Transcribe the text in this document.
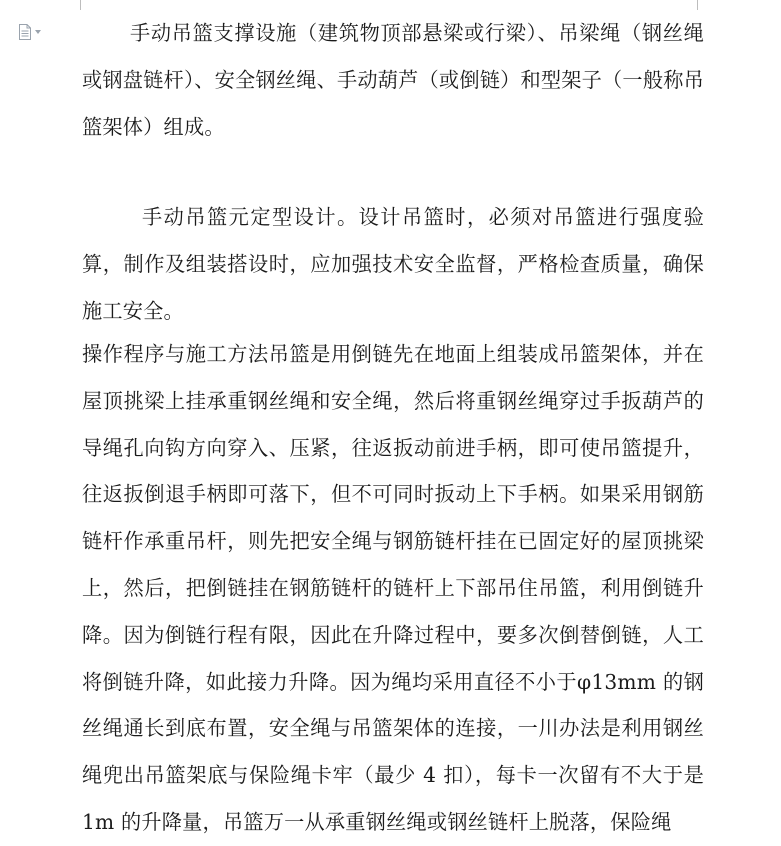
手动吊篮支撑设施（建筑物顶部悬梁或行梁）、吊梁绳（钢丝绳或钢盘链杆）、安全钢丝绳、手动葫芦（或倒链）和型架子（一般称吊篮架体）组成。
手动吊篮元定型设计。设计吊篮时，必须对吊篮进行强度验算，制作及组装搭设时，应加强技术安全监督，严格检查质量，确保施工安全。
操作程序与施工方法吊篮是用倒链先在地面上组装成吊篮架体，并在屋顶挑梁上挂承重钢丝绳和安全绳，然后将重钢丝绳穿过手扳葫芦的导绳孔向钩方向穿入、压紧，往返扳动前进手柄，即可使吊篮提升，往返扳倒退手柄即可落下，但不可同时扳动上下手柄。如果采用钢筋链杆作承重吊杆，则先把安全绳与钢筋链杆挂在已固定好的屋顶挑梁上，然后，把倒链挂在钢筋链杆的链杆上下部吊住吊篮，利用倒链升降。因为倒链行程有限，因此在升降过程中，要多次倒替倒链，人工将倒链升降，如此接力升降。因为绳均采用直径不小于φ13mm 的钢丝绳通长到底布置，安全绳与吊篮架体的连接，一川办法是利用钢丝绳兜出吊篮架底与保险绳卡牢（最少 4 扣），每卡一次留有不大于是 1m 的升降量，吊篮万一从承重钢丝绳或钢丝链杆上脱落，保险绳
